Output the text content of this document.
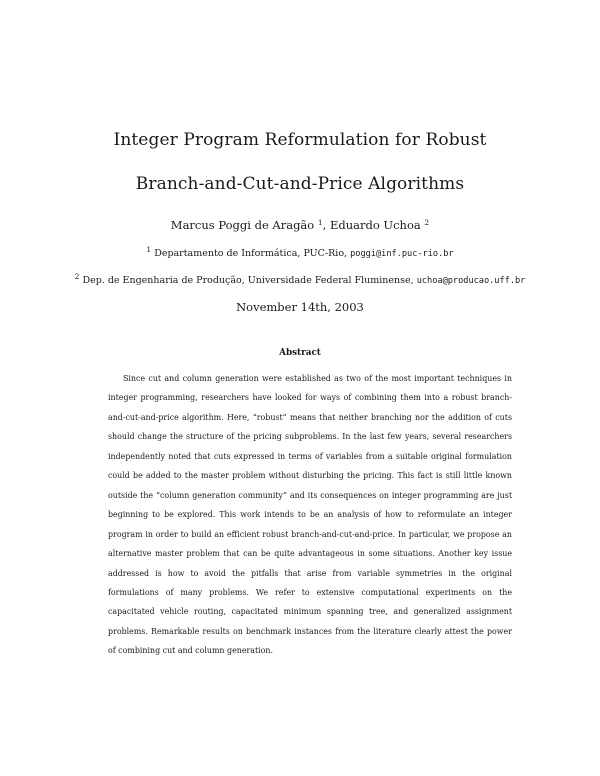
Integer Program Reformulation for Robust
Branch-and-Cut-and-Price Algorithms
Marcus Poggi de Aragão $^1$, Eduardo Uchoa $^2$
$^1$ Departamento de Informática, PUC-Rio, poggi@inf.puc-rio.br
$^2$ Dep. de Engenharia de Produção, Universidade Federal Fluminense, uchoa@producao.uff.br
November 14th, 2003
Abstract

Since cut and column generation were established as two of the most important techniques in integer programming, researchers have looked for ways of combining them into a robust branch-and-cut-and-price algorithm. Here, “robust” means that neither branching nor the addition of cuts should change the structure of the pricing subproblems. In the last few years, several researchers independently noted that cuts expressed in terms of variables from a suitable original formulation could be added to the master problem without disturbing the pricing. This fact is still little known outside the “column generation community” and its consequences on integer programming are just beginning to be explored. This work intends to be an analysis of how to reformulate an integer program in order to build an efficient robust branch-and-cut-and-price. In particular, we propose an alternative master problem that can be quite advantageous in some situations. Another key issue addressed is how to avoid the pitfalls that arise from variable symmetries in the original formulations of many problems. We refer to extensive computational experiments on the capacitated vehicle routing, capacitated minimum spanning tree, and generalized assignment problems. Remarkable results on benchmark instances from the literature clearly attest the power of combining cut and column generation.
